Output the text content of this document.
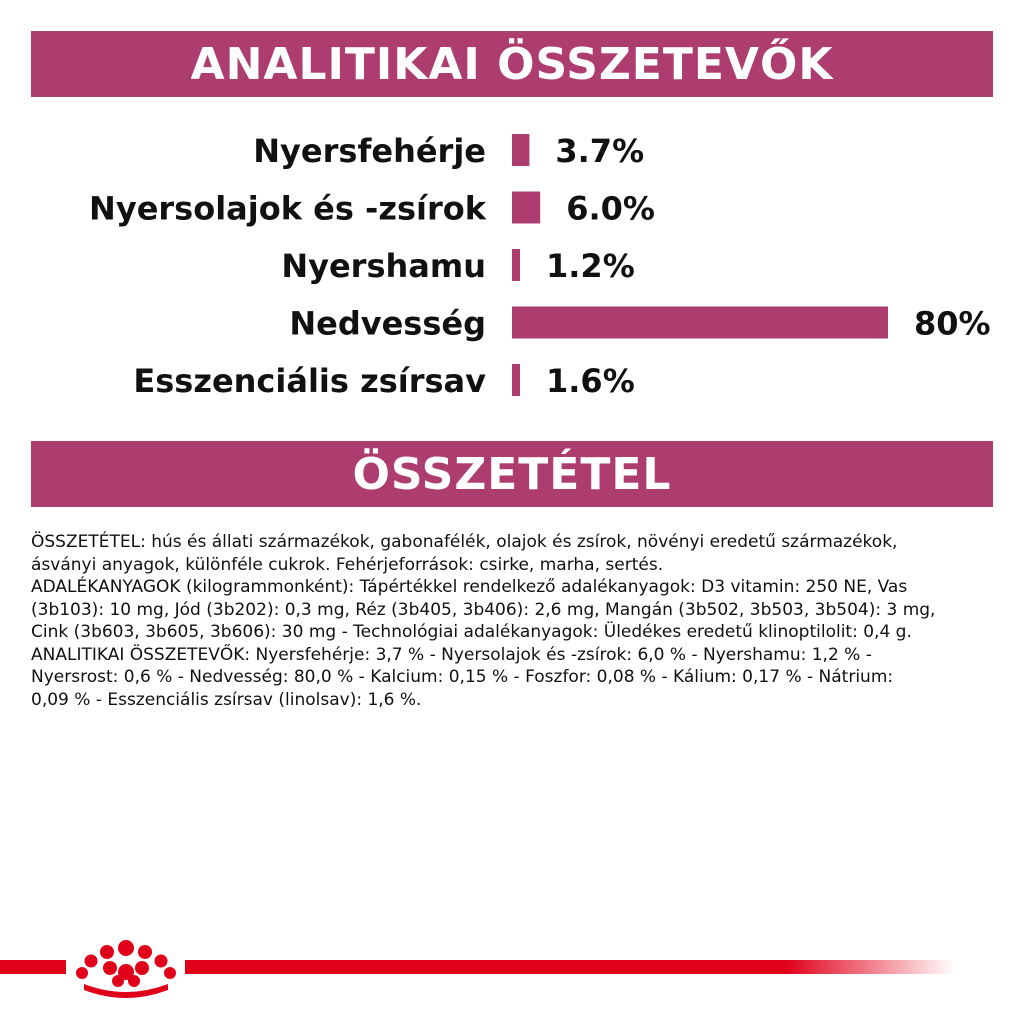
ANALITIKAI ÖSSZETEVŐK
Nyersfehérje 3.7%
Nyersolajok és -zsírok	6.0%
Nyershamu 1.2%
Nedvesség	80%
Esszenciális zsírsav 1.6%
ÖSSZETÉTEL

ÖSSZETÉTEL: hús és állati származékok, gabonafélék, olajok és zsírok, növényi eredetű származékok,

ásványi anyagok, különféle cukrok. Fehérjeforrások: csirke, marha, sertés.

ADALÉKANYAGOK (kilogrammonként): Tápértékkel rendelkező adalékanyagok: D3 vitamin: 250 NE, Vas

(3b103): 10 mg, Jód (3b202): 0,3 mg, Réz (3b405, 3b406): 2,6 mg, Mangán (3b502, 3b503, 3b504): 3 mg,

Cink (3b603, 3b605, 3b606): 30 mg - Technológiai adalékanyagok: Üledékes eredetű klinoptilolit: 0,4 g.

ANALITIKAI ÖSSZETEVŐK: Nyersfehérje: 3,7 % - Nyersolajok és -zsírok: 6,0 % - Nyershamu: 1,2 % -

Nyersrost: 0,6 % - Nedvesség: 80,0 % - Kalcium: 0,15 % - Foszfor: 0,08 % - Kálium: 0,17 % - Nátrium:

0,09 % - Esszenciális zsírsav (linolsav): 1,6 %.
